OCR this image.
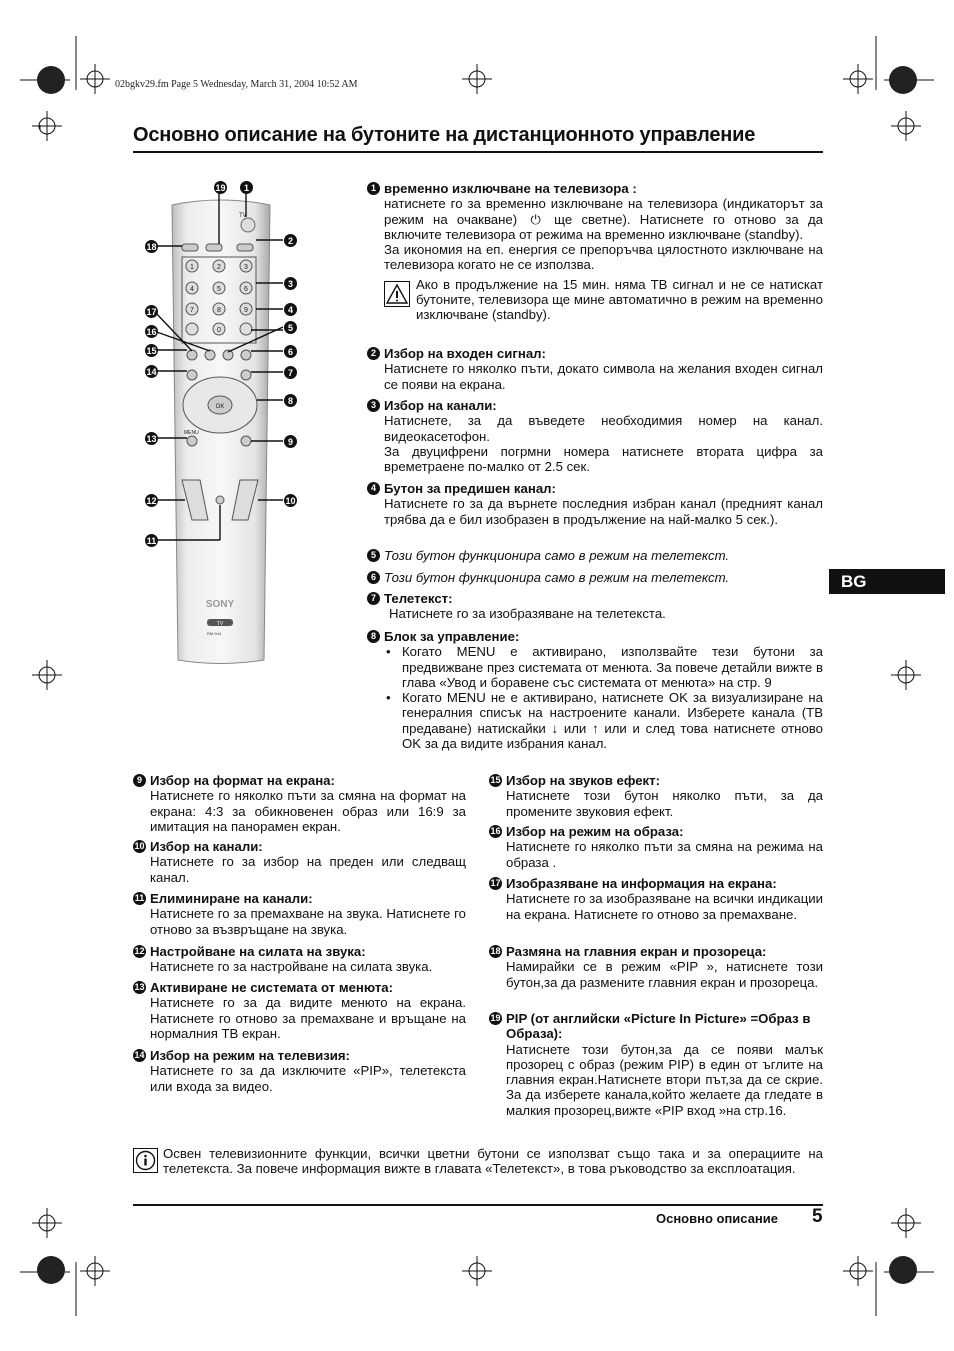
02bgkv29.fm Page 5 Wednesday, March 31, 2004 10:52 AM
Основно описание на бутоните на дистанционното управление
BG
TV
1	2	3
4	5	6
7	8	9
0
OK
MENU
SONY
TV
RM-944
1
19
2
18
3
4
17
5
16
6
15
7
14
8
13	9
12	10
11
1 временно изключване на телевизора :
натиснете го за временно изключване на телевизора (индикаторът за режим на очакване) ⏻ ще светне). Натиснете го отново за да включите телевизора от режима на временно изключване (standby).
За икономия на еп. енергия се препоръчва цялостното изключване на телевизора когато не се използва.
Ако в продължение на 15 мин. няма ТВ сигнал и не се натискат бутоните, телевизора ще мине автоматично в режим на временно изключване (standby).
2 Избор на входен сигнал:
Натиснете го няколко пъти, докато символа на желания входен сигнал се появи на екрана.
3 Избор на канали:
Натиснете, за да въведете необходимия номер на канал. видеокасетофон.
За двуцифрени погрмни номера натиснете втората цифра за времетраене по-малко от 2.5 сек.
4 Бутон за предишен канал:
Натиснете го за да върнете последния избран канал (предният канал трябва да е бил изобразен в продължение на най-малко 5 сек.).
5 Този бутон функционира само в режим на телетекст.
6 Този бутон функционира само в режим на телетекст.
7 Телетекст:
Натиснете го за изобразяване на телетекста.
8 Блок за управление:
• Когато MENU е активирано, използвайте тези бутони за предвижване през системата от менюта. За повече детайли вижте в глава «Увод и боравене със системата от менюта» на стр. 9
• Когато MENU не е активирано, натиснете OK за визуализиране на генералния списък на настроените канали. Изберете канала (ТВ предаване) натискайки ↓ или ↑ или и след това натиснете отново OK за да видите избрания канал.
9 Избор на формат на екрана:
Натиснете го няколко пъти за смяна на формат на екрана: 4:3 за обикновенен образ или 16:9 за имитация на панорамен екран.
10 Избор на канали:
Натиснете го за избор на преден или следващ канал.
11 Елиминиране на канали:
Натиснете го за премахване на звука. Натиснете го отново за възвръщане на звука.
12 Настройване на силата на звука:
Натиснете го за настройване на силата звука.
13 Активиране не системата от менюта:
Натиснете го за да видите менюто на екрана. Натиснете го отново за премахване и връщане на нормалния ТВ екран.
14 Избор на режим на телевизия:
Натиснете го за да изключите «PIP», телетекста или входа за видео.
15 Избор на звуков ефект:
Натиснете този бутон няколко пъти, за да промените звуковия ефект.
16 Избор на режим на образа:
Натиснете го няколко пъти за смяна на режима на образа .
17 Изобразяване на информация на екрана:
Натиснете го за изобразяване на всички индикации на екрана. Натиснете го отново за премахване.
18 Размяна на главния екран и прозореца:
Намирайки се в режим «PIP », натиснете този бутон,за да размените главния екран и прозореца.
19 PIP (от английски «Picture In Picture» =Образ в Образа):
Натиснете този бутон,за да се появи малък прозорец с образ (режим PIP) в един от ъглите на главния екран.Натиснете втори път,за да се скрие. За да изберете канала,който желаете да гледате в малкия прозорец,вижте «PIP вход »на стр.16.
Освен телевизионните функции, всички цветни бутони се използват също така и за операциите на телетекста. За повече информация вижте в главата «Телетекст», в това ръководство за експлоатация.
Основно описание 5
